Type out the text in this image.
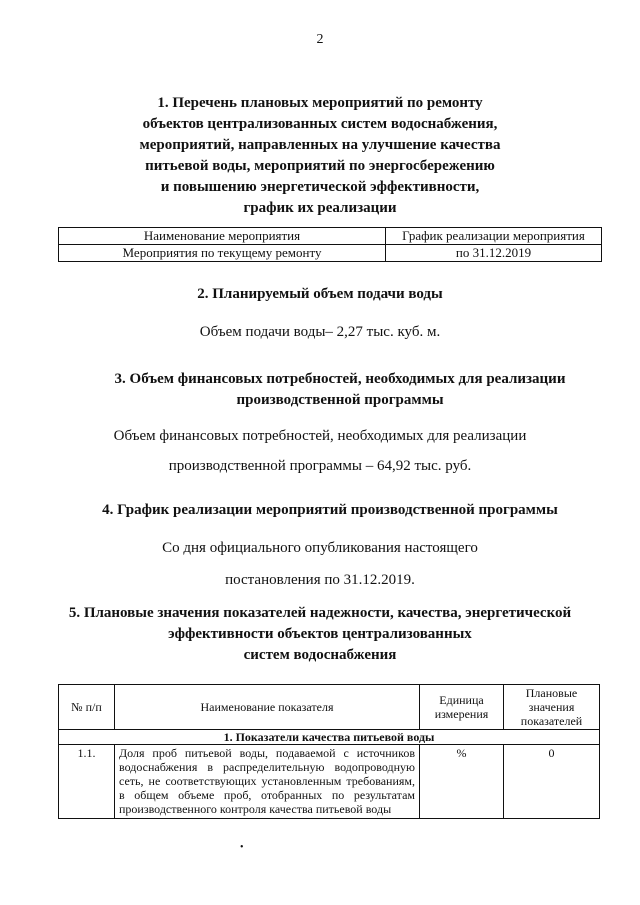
2
1. Перечень плановых мероприятий по ремонту
объектов централизованных систем водоснабжения,
мероприятий, направленных на улучшение качества
питьевой воды, мероприятий по энергосбережению
и повышению энергетической эффективности,
график их реализации
Наименование мероприятия	График реализации мероприятия
Мероприятия по текущему ремонту	по 31.12.2019
2. Планируемый объем подачи воды
Объем подачи воды– 2,27 тыс. куб. м.
3. Объем финансовых потребностей, необходимых для реализации
производственной программы
Объем финансовых потребностей, необходимых для реализации
производственной программы – 64,92 тыс. руб.
4. График реализации мероприятий производственной программы
Со дня официального опубликования настоящего
постановления по 31.12.2019.
5. Плановые значения показателей надежности, качества, энергетической
эффективности объектов централизованных
систем водоснабжения
№ п/п	Наименование показателя	Единица измерения	Плановые значения показателей
1. Показатели качества питьевой воды			
1.1.	Доля проб питьевой воды, подаваемой с источников водоснабжения в распределительную водопроводную сеть, не соответствующих установленным требованиям, в общем объеме проб, отобранных по результатам производственного контроля качества питьевой воды	%	0
•
